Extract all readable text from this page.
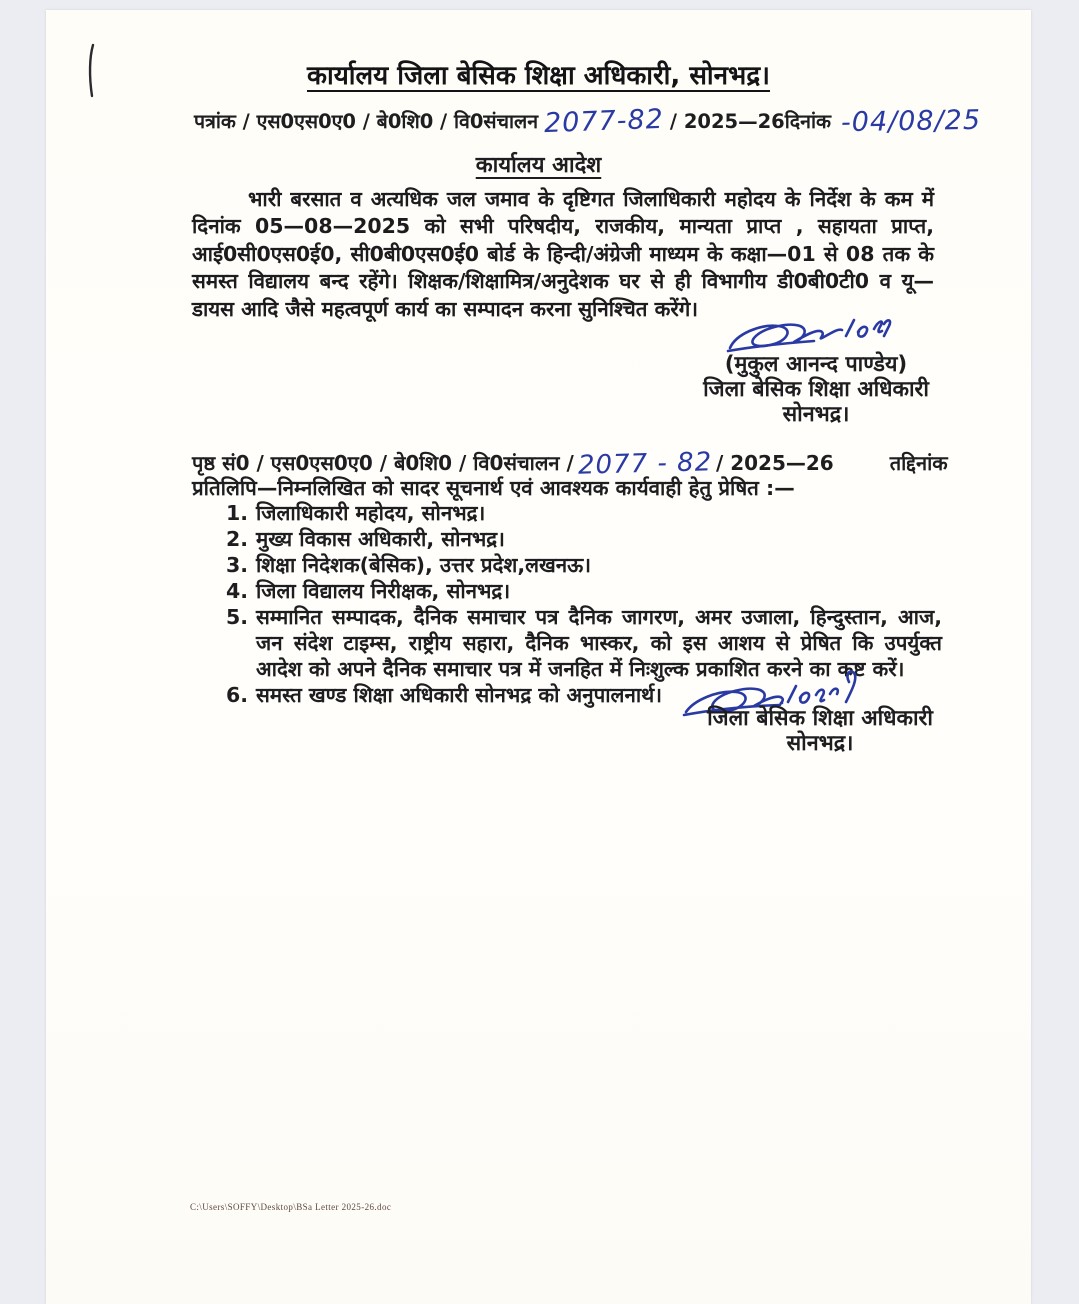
कार्यालय जिला बेसिक शिक्षा अधिकारी, सोनभद्र।
पत्रांक / एस0एस0ए0 / बे0शि0 / वि0संचालन 2077-82 / 2025—26 दिनांक -04/08/25
कार्यालय आदेश

भारी बरसात व अत्यधिक जल जमाव के दृष्टिगत जिलाधिकारी महोदय के निर्देश के कम में दिनांक 05—08—2025 को सभी परिषदीय, राजकीय, मान्यता प्राप्त , सहायता प्राप्त, आई0सी0एस0ई0, सी0बी0एस0ई0 बोर्ड के हिन्दी/अंग्रेजी माध्यम के कक्षा—01 से 08 तक के समस्त विद्यालय बन्द रहेंगे। शिक्षक/शिक्षामित्र/अनुदेशक घर से ही विभागीय डी0बी0टी0 व यू—डायस आदि जैसे महत्वपूर्ण कार्य का सम्पादन करना सुनिश्चित करेंगे।

(मुकुल आनन्द पाण्डेय)
जिला बेसिक शिक्षा अधिकारी
सोनभद्र।
पृष्ठ सं0 / एस0एस0ए0 / बे0शि0 / वि0संचालन / 2077 - 82 / 2025—26	तद्दिनांक
प्रतिलिपि—निम्नलिखित को सादर सूचनार्थ एवं आवश्यक कार्यवाही हेतु प्रेषित :—
1. जिलाधिकारी महोदय, सोनभद्र।
2. मुख्य विकास अधिकारी, सोनभद्र।
3. शिक्षा निदेशक(बेसिक), उत्तर प्रदेश,लखनऊ।
4. जिला विद्यालय निरीक्षक, सोनभद्र।
5. सम्मानित सम्पादक, दैनिक समाचार पत्र दैनिक जागरण, अमर उजाला, हिन्दुस्तान, आज, जन संदेश टाइम्स, राष्ट्रीय सहारा, दैनिक भास्कर, को इस आशय से प्रेषित कि उपर्युक्त आदेश को अपने दैनिक समाचार पत्र में जनहित में निःशुल्क प्रकाशित करने का कष्ट करें।
6. समस्त खण्ड शिक्षा अधिकारी सोनभद्र को अनुपालनार्थ।
जिला बेसिक शिक्षा अधिकारी
सोनभद्र।
C:\Users\SOFFY\Desktop\BSa Letter 2025-26.doc
